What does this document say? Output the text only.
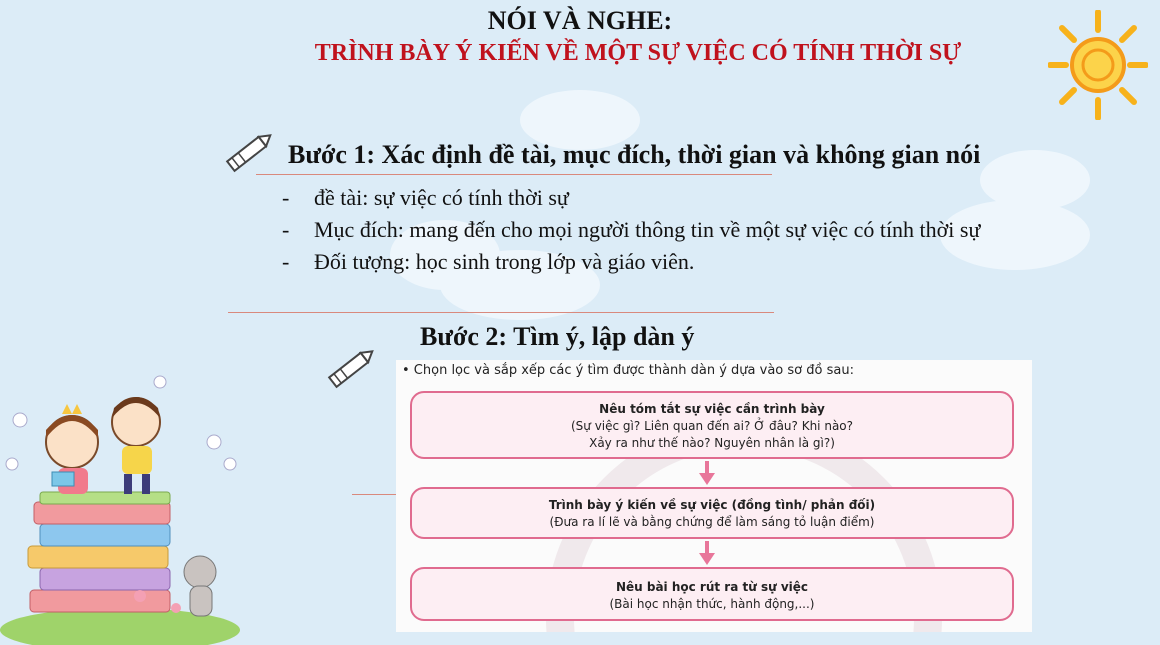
NÓI VÀ NGHE:
TRÌNH BÀY Ý KIẾN VỀ MỘT SỰ VIỆC CÓ TÍNH THỜI SỰ
Bước 1: Xác định đề tài, mục đích, thời gian và không gian nói
-	đề tài: sự việc có tính thời sự
-	Mục đích: mang đến cho mọi người thông tin về một sự việc có tính thời sự
-	Đối tượng: học sinh trong lớp và giáo viên.
Bước 2: Tìm ý, lập dàn ý
• Chọn lọc và sắp xếp các ý tìm được thành dàn ý dựa vào sơ đồ sau:
Nêu tóm tắt sự việc cần trình bày
(Sự việc gì? Liên quan đến ai? Ở đâu? Khi nào?
Xảy ra như thế nào? Nguyên nhân là gì?)
Trình bày ý kiến về sự việc (đồng tình/ phản đối)
(Đưa ra lí lẽ và bằng chứng để làm sáng tỏ luận điểm)
Nêu bài học rút ra từ sự việc
(Bài học nhận thức, hành động,...)
